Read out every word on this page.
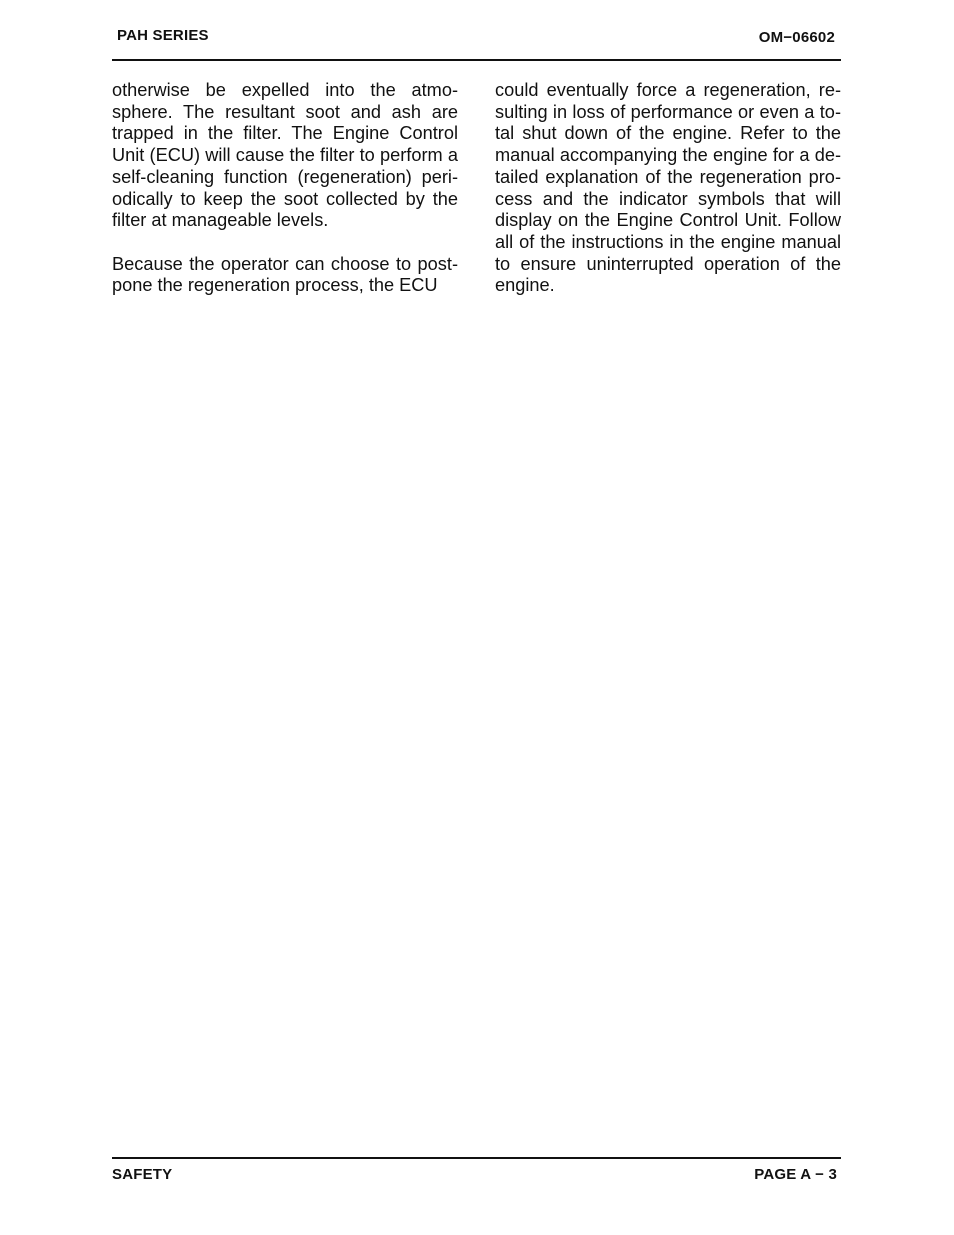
PAH SERIES	OM−06602

otherwise be expelled into the atmosphere. The resultant soot and ash are trapped in the filter. The Engine Control Unit (ECU) will cause the filter to perform a self-cleaning function (regeneration) periodically to keep the soot collected by the filter at manageable levels.

Because the operator can choose to postpone the regeneration process, the ECU

could eventually force a regeneration, resulting in loss of performance or even a total shut down of the engine. Refer to the manual accompanying the engine for a detailed explanation of the regeneration process and the indicator symbols that will display on the Engine Control Unit. Follow all of the instructions in the engine manual to ensure uninterrupted operation of the engine.

SAFETY	PAGE A − 3
